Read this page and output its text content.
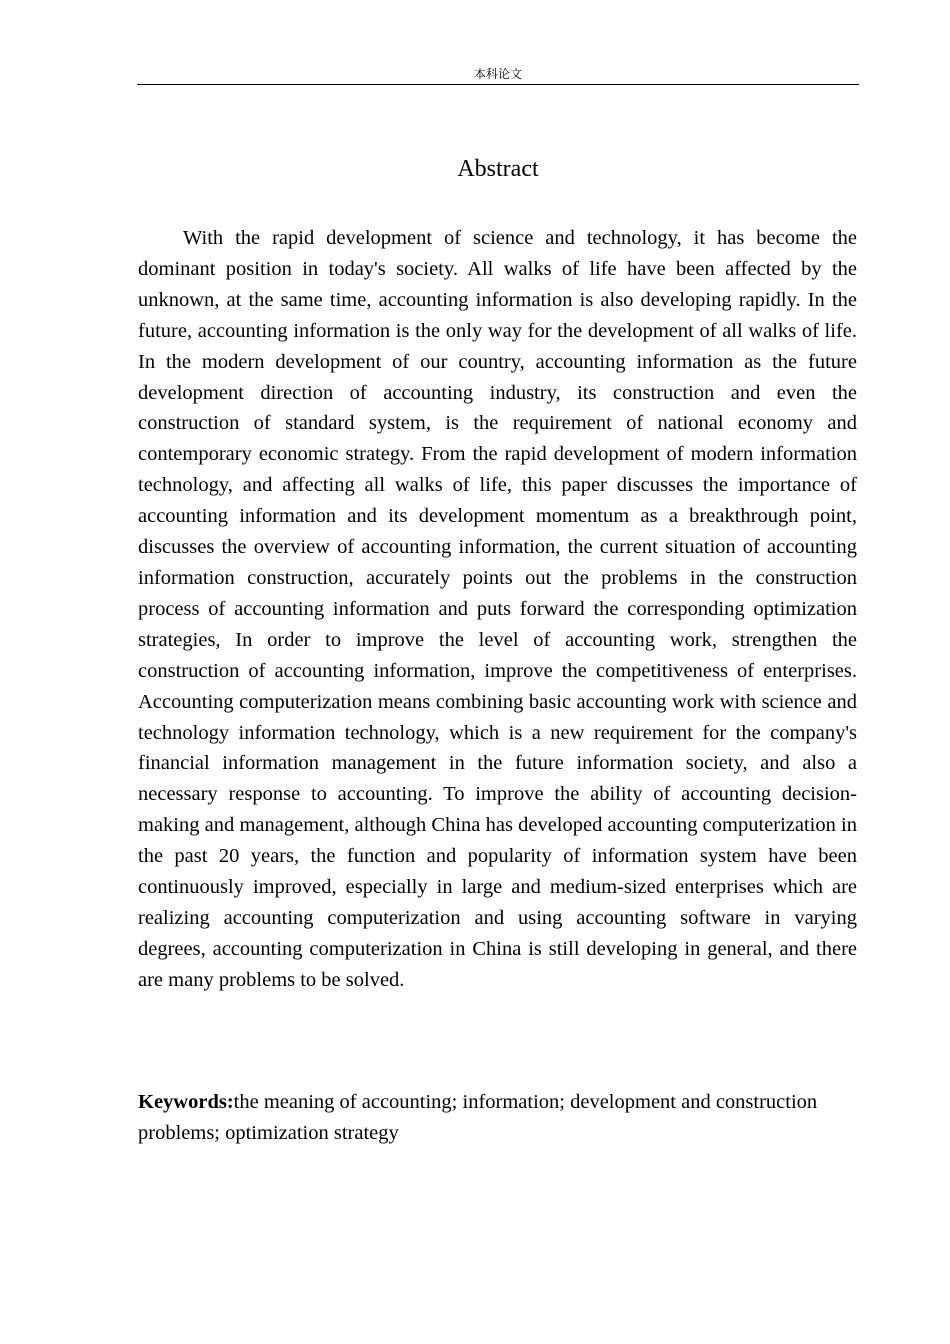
本科论文
Abstract

With the rapid development of science and technology, it has become the dominant position in today's society. All walks of life have been affected by the unknown, at the same time, accounting information is also developing rapidly. In the future, accounting information is the only way for the development of all walks of life. In the modern development of our country, accounting information as the future development direction of accounting industry, its construction and even the construction of standard system, is the requirement of national economy and contemporary economic strategy. From the rapid development of modern information technology, and affecting all walks of life, this paper discusses the importance of accounting information and its development momentum as a breakthrough point, discusses the overview of accounting information, the current situation of accounting information construction, accurately points out the problems in the construction process of accounting information and puts forward the corresponding optimization strategies, In order to improve the level of accounting work, strengthen the construction of accounting information, improve the competitiveness of enterprises. Accounting computerization means combining basic accounting work with science and technology information technology, which is a new requirement for the company's financial information management in the future information society, and also a necessary response to accounting. To improve the ability of accounting decision-making and management, although China has developed accounting computerization in the past 20 years, the function and popularity of information system have been continuously improved, especially in large and medium-sized enterprises which are realizing accounting computerization and using accounting software in varying degrees, accounting computerization in China is still developing in general, and there are many problems to be solved.

Keywords:the meaning of accounting; information; development and construction problems; optimization strategy
